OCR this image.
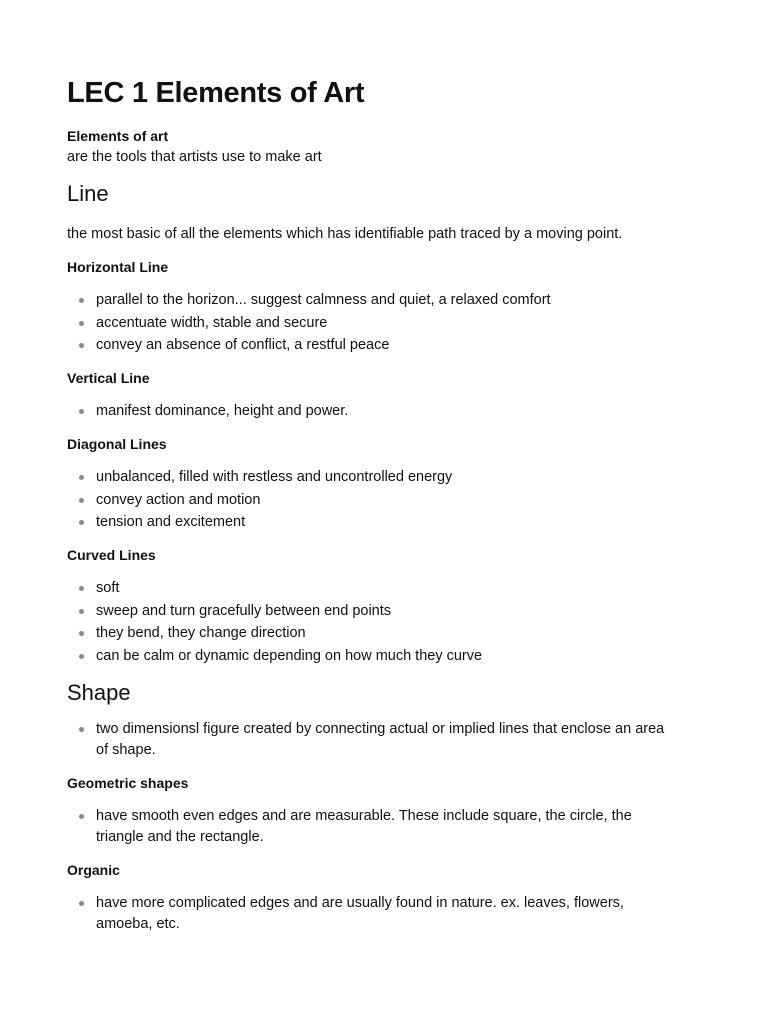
LEC 1 Elements of Art
Elements of art
are the tools that artists use to make art
Line

the most basic of all the elements which has identifiable path traced by a moving point.

Horizontal Line
parallel to the horizon... suggest calmness and quiet, a relaxed comfort
accentuate width, stable and secure
convey an absence of conflict, a restful peace
Vertical Line
manifest dominance, height and power.
Diagonal Lines
unbalanced, filled with restless and uncontrolled energy
convey action and motion
tension and excitement
Curved Lines
soft
sweep and turn gracefully between end points
they bend, they change direction
can be calm or dynamic depending on how much they curve
Shape
two dimensionsl figure created by connecting actual or implied lines that enclose an area of shape.
Geometric shapes
have smooth even edges and are measurable. These include square, the circle, the triangle and the rectangle.
Organic
have more complicated edges and are usually found in nature. ex. leaves, flowers, amoeba, etc.
